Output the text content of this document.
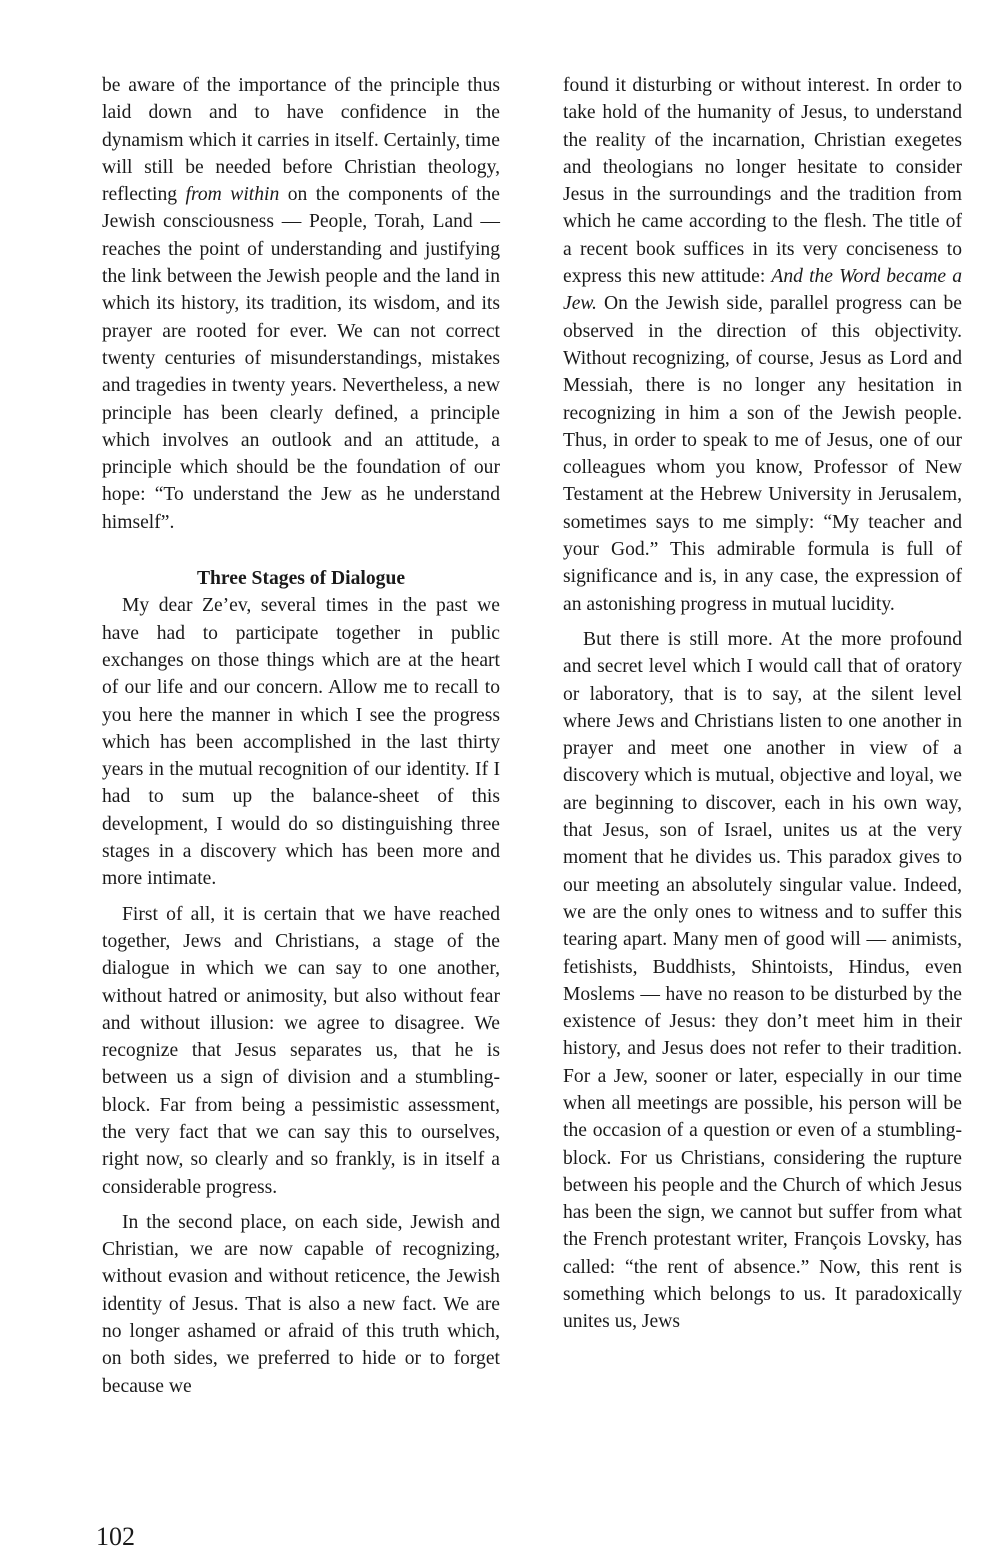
be aware of the importance of the principle thus laid down and to have confidence in the dynamism which it carries in itself. Certainly, time will still be needed before Christian theology, reflecting from within on the components of the Jewish consciousness — People, Torah, Land — reaches the point of understanding and justifying the link between the Jewish people and the land in which its history, its tradition, its wisdom, and its prayer are rooted for ever. We can not correct twenty centuries of misunderstandings, mistakes and tragedies in twenty years. Nevertheless, a new principle has been clearly defined, a principle which involves an outlook and an attitude, a principle which should be the foundation of our hope: “To understand the Jew as he understand himself”.

Three Stages of Dialogue

My dear Ze’ev, several times in the past we have had to participate together in public exchanges on those things which are at the heart of our life and our concern. Allow me to recall to you here the manner in which I see the progress which has been accomplished in the last thirty years in the mutual recognition of our identity. If I had to sum up the balance-sheet of this development, I would do so distinguishing three stages in a discovery which has been more and more intimate.

First of all, it is certain that we have reached together, Jews and Christians, a stage of the dialogue in which we can say to one another, without hatred or animosity, but also without fear and without illusion: we agree to disagree. We recognize that Jesus separates us, that he is between us a sign of division and a stumbling-block. Far from being a pessimistic assessment, the very fact that we can say this to ourselves, right now, so clearly and so frankly, is in itself a considerable progress.

In the second place, on each side, Jewish and Christian, we are now capable of recognizing, without evasion and without reticence, the Jewish identity of Jesus. That is also a new fact. We are no longer ashamed or afraid of this truth which, on both sides, we preferred to hide or to forget because we

found it disturbing or without interest. In order to take hold of the humanity of Jesus, to understand the reality of the incarnation, Christian exegetes and theologians no longer hesitate to consider Jesus in the surroundings and the tradition from which he came according to the flesh. The title of a recent book suffices in its very conciseness to express this new attitude: And the Word became a Jew. On the Jewish side, parallel progress can be observed in the direction of this objectivity. Without recognizing, of course, Jesus as Lord and Messiah, there is no longer any hesitation in recognizing in him a son of the Jewish people. Thus, in order to speak to me of Jesus, one of our colleagues whom you know, Professor of New Testament at the Hebrew University in Jerusalem, sometimes says to me simply: “My teacher and your God.” This admirable formula is full of significance and is, in any case, the expression of an astonishing progress in mutual lucidity.

But there is still more. At the more profound and secret level which I would call that of oratory or laboratory, that is to say, at the silent level where Jews and Christians listen to one another in prayer and meet one another in view of a discovery which is mutual, objective and loyal, we are beginning to discover, each in his own way, that Jesus, son of Israel, unites us at the very moment that he divides us. This paradox gives to our meeting an absolutely singular value. Indeed, we are the only ones to witness and to suffer this tearing apart. Many men of good will — animists, fetishists, Buddhists, Shintoists, Hindus, even Moslems — have no reason to be disturbed by the existence of Jesus: they don’t meet him in their history, and Jesus does not refer to their tradition. For a Jew, sooner or later, especially in our time when all meetings are possible, his person will be the occasion of a question or even of a stumbling-block. For us Christians, considering the rupture between his people and the Church of which Jesus has been the sign, we cannot but suffer from what the French protestant writer, François Lovsky, has called: “the rent of absence.” Now, this rent is something which belongs to us. It paradoxically unites us, Jews

102
